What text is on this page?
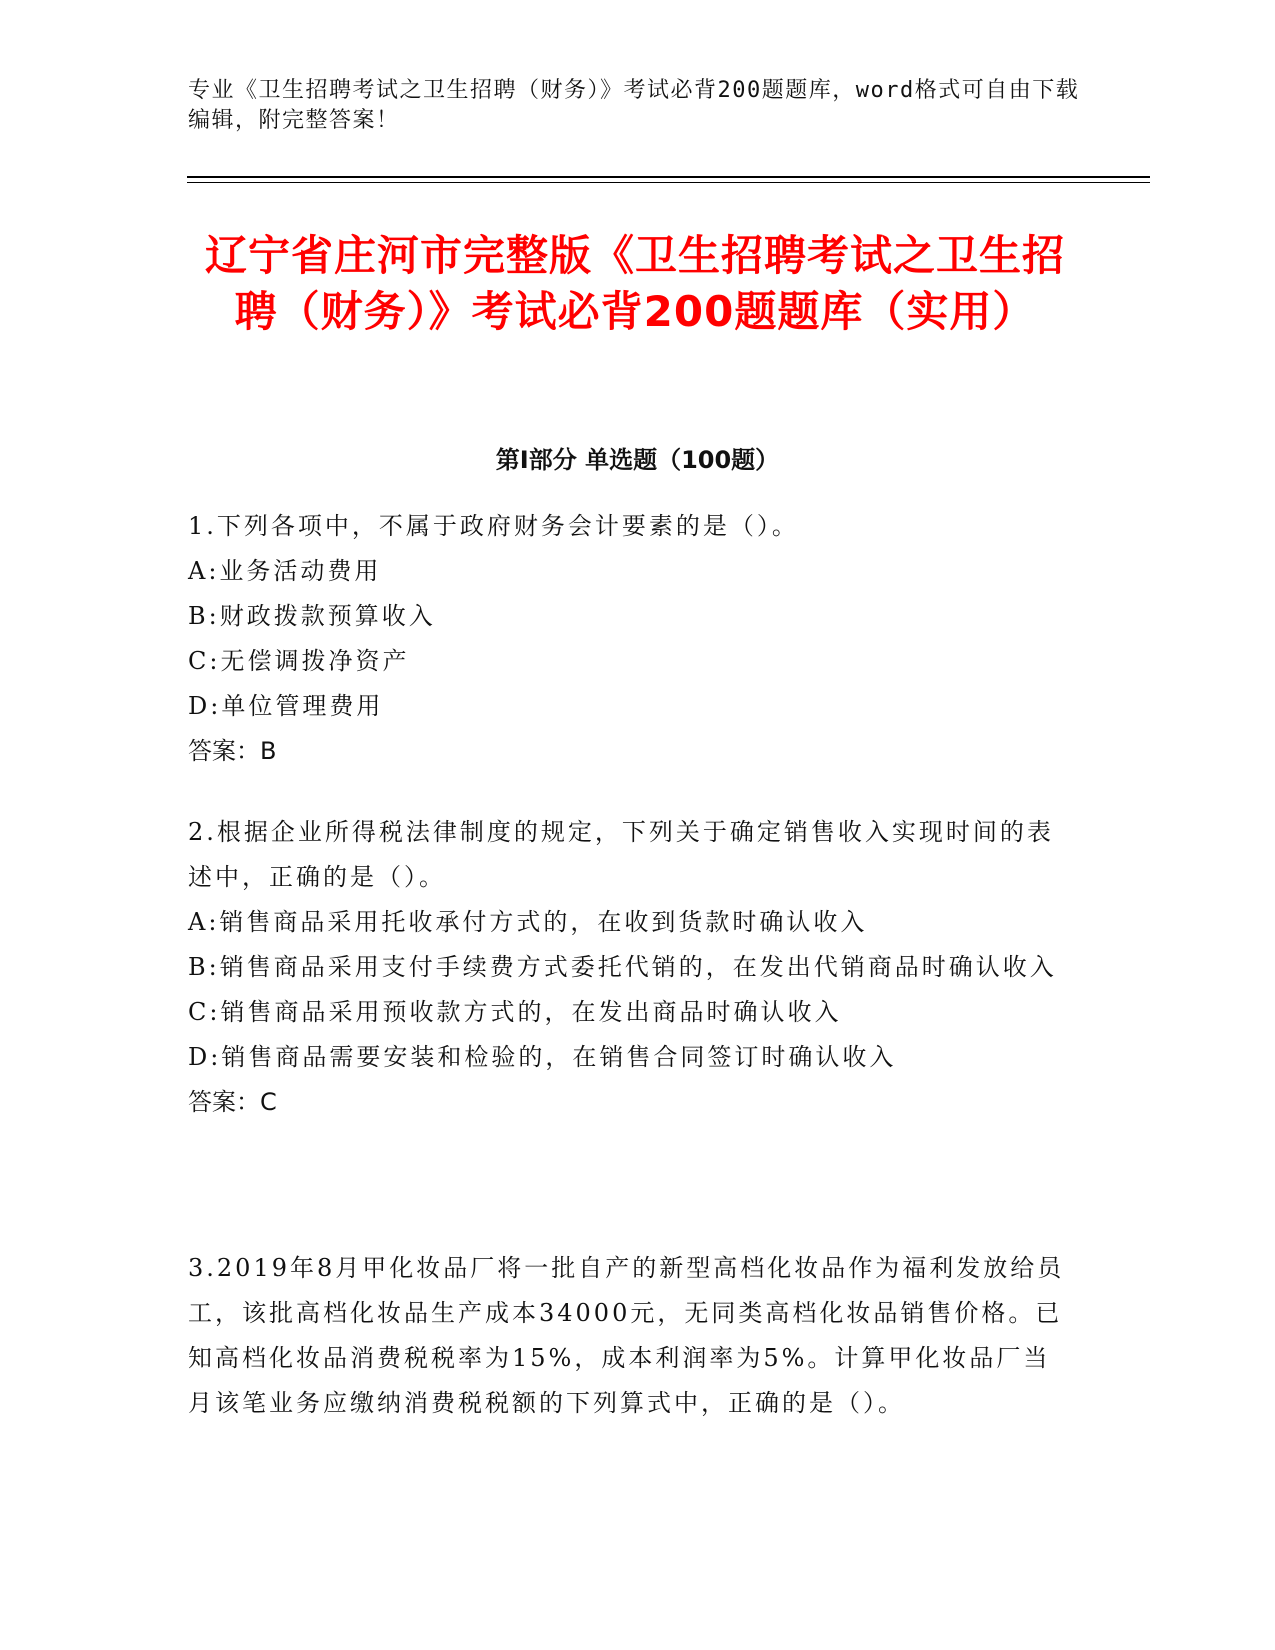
专业《卫生招聘考试之卫生招聘（财务）》考试必背200题题库，word格式可自由下载编辑，附完整答案！
辽宁省庄河市完整版《卫生招聘考试之卫生招聘（财务）》考试必背200题题库（实用）
第Ⅰ部分 单选题（100题）

1.下列各项中，不属于政府财务会计要素的是（）。

A:业务活动费用

B:财政拨款预算收入

C:无偿调拨净资产

D:单位管理费用

答案：B

2.根据企业所得税法律制度的规定，下列关于确定销售收入实现时间的表述中，正确的是（）。

A:销售商品采用托收承付方式的，在收到货款时确认收入

B:销售商品采用支付手续费方式委托代销的，在发出代销商品时确认收入

C:销售商品采用预收款方式的，在发出商品时确认收入

D:销售商品需要安装和检验的，在销售合同签订时确认收入

答案：C

3.2019年8月甲化妆品厂将一批自产的新型高档化妆品作为福利发放给员工，该批高档化妆品生产成本34000元，无同类高档化妆品销售价格。已知高档化妆品消费税税率为15%，成本利润率为5%。计算甲化妆品厂当月该笔业务应缴纳消费税税额的下列算式中，正确的是（）。
